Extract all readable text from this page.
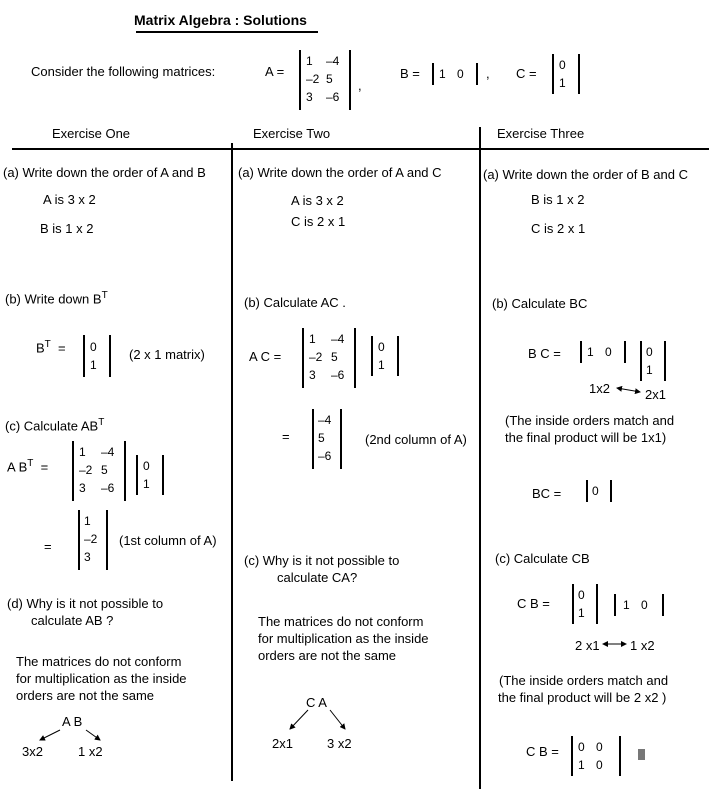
Matrix Algebra : Solutions
Consider the following matrices:	A =
1	–4
–2 5
3	–6
,
B = 1 0	, C =
0
1
Exercise One	Exercise Two	Exercise Three
(a) Write down the order of A and B
A is 3 x 2
B is 1 x 2
(b) Write down $B^T$
$B^T = 0$
1
(2 x 1 matrix)
(c) Calculate $AB^T$
A $B^T$ =
1	–4
–2 5
3	–6
0
1
=
1
–2
3
(1st column of A)
(d) Why is it not possible to
calculate AB ?
The matrices do not conform
for multiplication as the inside
orders are not the same
A B
3x2	1 x2
(a) Write down the order of A and C
A is 3 x 2
C is 2 x 1
(b) Calculate AC .
A C =
1	–4
–2 5
3	–6
0
1
=
–4
5
–6
(2nd column of A)
(c) Why is it not possible to
calculate CA?
The matrices do not conform
for multiplication as the inside
orders are not the same
C A
2x1	3 x2
(a) Write down the order of B and C
B is 1 x 2
C is 2 x 1
(b) Calculate BC
B C = 1 0	0
1
1x2	2x1
(The inside orders match and
the final product will be 1x1)
BC =	0
(c) Calculate CB
C B =
0
1
1 0
2 x1 1 x2
(The inside orders match and
the final product will be 2 x2 )
C B = 0 0
1 0
